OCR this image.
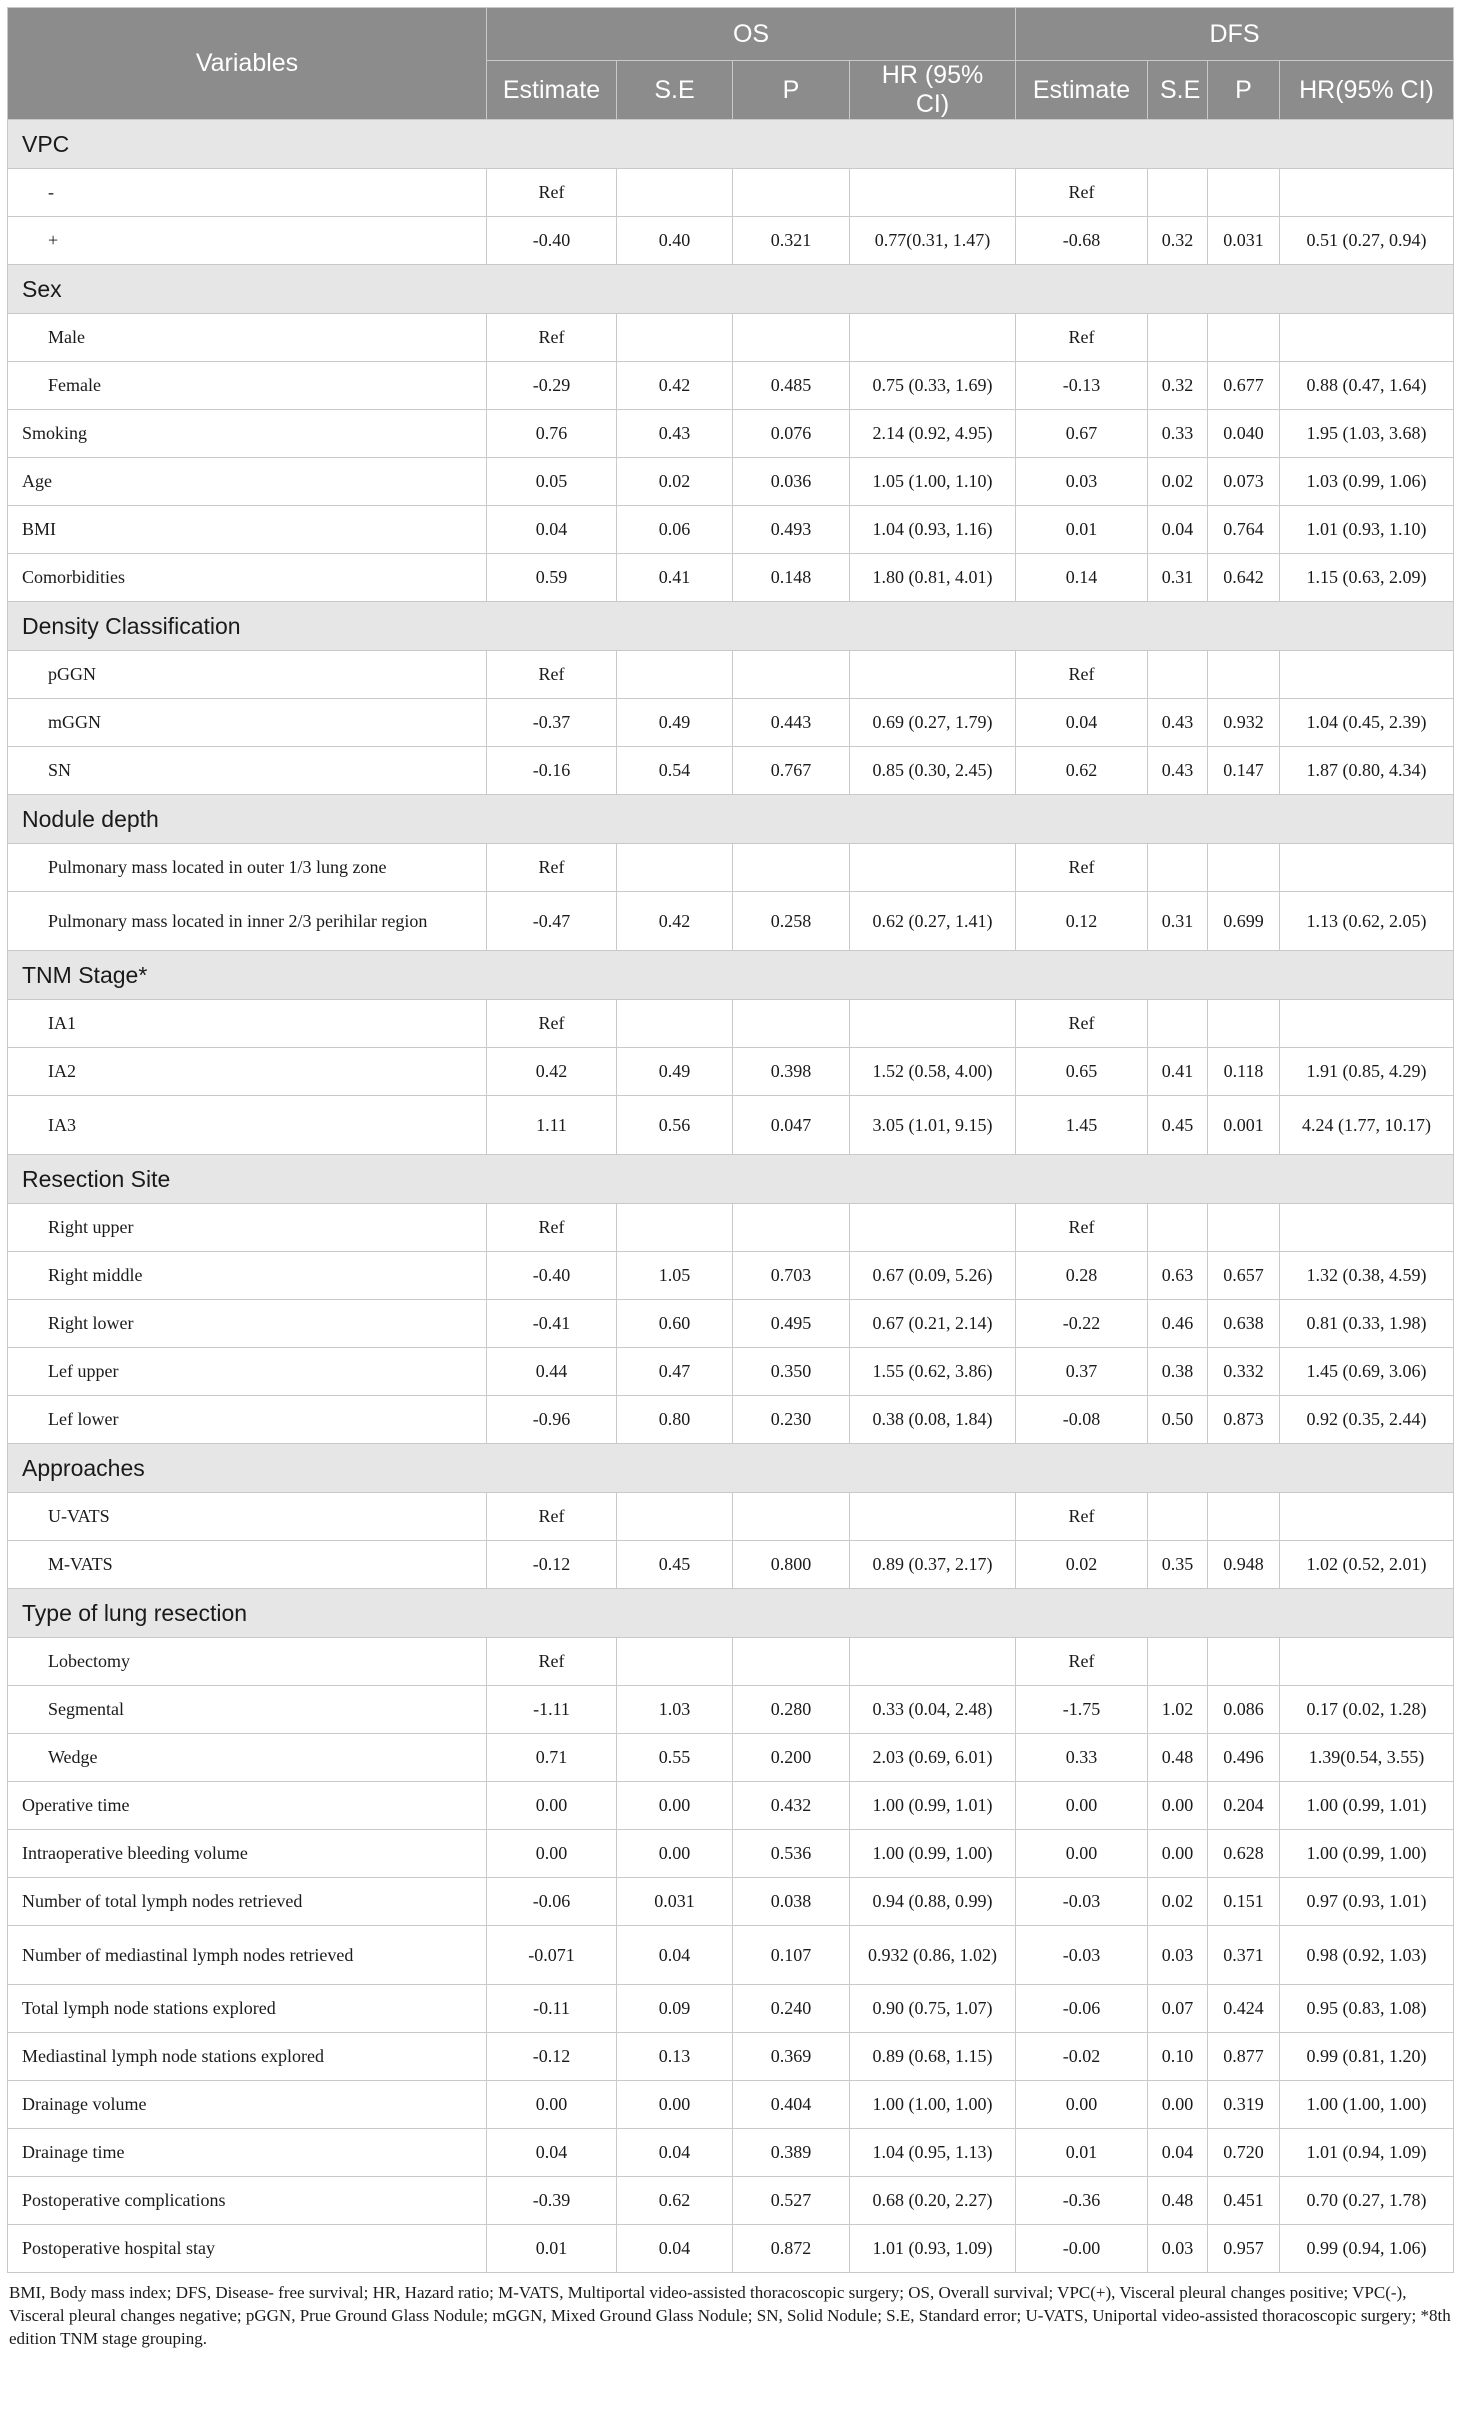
Variables	OS				DFS			
	Estimate	S.E	P	HR (95% CI)	Estimate	S.E	P	HR(95% CI)
VPC								
-	Ref				Ref			
+	-0.40	0.40	0.321	0.77(0.31, 1.47)	-0.68	0.32	0.031	0.51 (0.27, 0.94)
Sex								
Male	Ref				Ref			
Female	-0.29	0.42	0.485	0.75 (0.33, 1.69)	-0.13	0.32	0.677	0.88 (0.47, 1.64)
Smoking	0.76	0.43	0.076	2.14 (0.92, 4.95)	0.67	0.33	0.040	1.95 (1.03, 3.68)
Age	0.05	0.02	0.036	1.05 (1.00, 1.10)	0.03	0.02	0.073	1.03 (0.99, 1.06)
BMI	0.04	0.06	0.493	1.04 (0.93, 1.16)	0.01	0.04	0.764	1.01 (0.93, 1.10)
Comorbidities	0.59	0.41	0.148	1.80 (0.81, 4.01)	0.14	0.31	0.642	1.15 (0.63, 2.09)
Density Classification								
pGGN	Ref				Ref			
mGGN	-0.37	0.49	0.443	0.69 (0.27, 1.79)	0.04	0.43	0.932	1.04 (0.45, 2.39)
SN	-0.16	0.54	0.767	0.85 (0.30, 2.45)	0.62	0.43	0.147	1.87 (0.80, 4.34)
Nodule depth								
Pulmonary mass located in outer 1/3 lung zone	Ref				Ref			
Pulmonary mass located in inner 2/3 perihilar region	-0.47	0.42	0.258	0.62 (0.27, 1.41)	0.12	0.31	0.699	1.13 (0.62, 2.05)
TNM Stage*								
IA1	Ref				Ref			
IA2	0.42	0.49	0.398	1.52 (0.58, 4.00)	0.65	0.41	0.118	1.91 (0.85, 4.29)
IA3	1.11	0.56	0.047	3.05 (1.01, 9.15)	1.45	0.45	0.001	4.24 (1.77, 10.17)
Resection Site								
Right upper	Ref				Ref			
Right middle	-0.40	1.05	0.703	0.67 (0.09, 5.26)	0.28	0.63	0.657	1.32 (0.38, 4.59)
Right lower	-0.41	0.60	0.495	0.67 (0.21, 2.14)	-0.22	0.46	0.638	0.81 (0.33, 1.98)
Lef upper	0.44	0.47	0.350	1.55 (0.62, 3.86)	0.37	0.38	0.332	1.45 (0.69, 3.06)
Lef lower	-0.96	0.80	0.230	0.38 (0.08, 1.84)	-0.08	0.50	0.873	0.92 (0.35, 2.44)
Approaches								
U-VATS	Ref				Ref			
M-VATS	-0.12	0.45	0.800	0.89 (0.37, 2.17)	0.02	0.35	0.948	1.02 (0.52, 2.01)
Type of lung resection								
Lobectomy	Ref				Ref			
Segmental	-1.11	1.03	0.280	0.33 (0.04, 2.48)	-1.75	1.02	0.086	0.17 (0.02, 1.28)
Wedge	0.71	0.55	0.200	2.03 (0.69, 6.01)	0.33	0.48	0.496	1.39(0.54, 3.55)
Operative time	0.00	0.00	0.432	1.00 (0.99, 1.01)	0.00	0.00	0.204	1.00 (0.99, 1.01)
Intraoperative bleeding volume	0.00	0.00	0.536	1.00 (0.99, 1.00)	0.00	0.00	0.628	1.00 (0.99, 1.00)
Number of total lymph nodes retrieved	-0.06	0.031	0.038	0.94 (0.88, 0.99)	-0.03	0.02	0.151	0.97 (0.93, 1.01)
Number of mediastinal lymph nodes retrieved	-0.071	0.04	0.107	0.932 (0.86, 1.02)	-0.03	0.03	0.371	0.98 (0.92, 1.03)
Total lymph node stations explored	-0.11	0.09	0.240	0.90 (0.75, 1.07)	-0.06	0.07	0.424	0.95 (0.83, 1.08)
Mediastinal lymph node stations explored	-0.12	0.13	0.369	0.89 (0.68, 1.15)	-0.02	0.10	0.877	0.99 (0.81, 1.20)
Drainage volume	0.00	0.00	0.404	1.00 (1.00, 1.00)	0.00	0.00	0.319	1.00 (1.00, 1.00)
Drainage time	0.04	0.04	0.389	1.04 (0.95, 1.13)	0.01	0.04	0.720	1.01 (0.94, 1.09)
Postoperative complications	-0.39	0.62	0.527	0.68 (0.20, 2.27)	-0.36	0.48	0.451	0.70 (0.27, 1.78)
Postoperative hospital stay	0.01	0.04	0.872	1.01 (0.93, 1.09)	-0.00	0.03	0.957	0.99 (0.94, 1.06)
BMI, Body mass index; DFS, Disease- free survival; HR, Hazard ratio; M-VATS, Multiportal video-assisted thoracoscopic surgery; OS, Overall survival; VPC(+), Visceral pleural changes positive; VPC(-), Visceral pleural changes negative; pGGN, Prue Ground Glass Nodule; mGGN, Mixed Ground Glass Nodule; SN, Solid Nodule; S.E, Standard error; U-VATS, Uniportal video-assisted thoracoscopic surgery; *8th edition TNM stage grouping.
